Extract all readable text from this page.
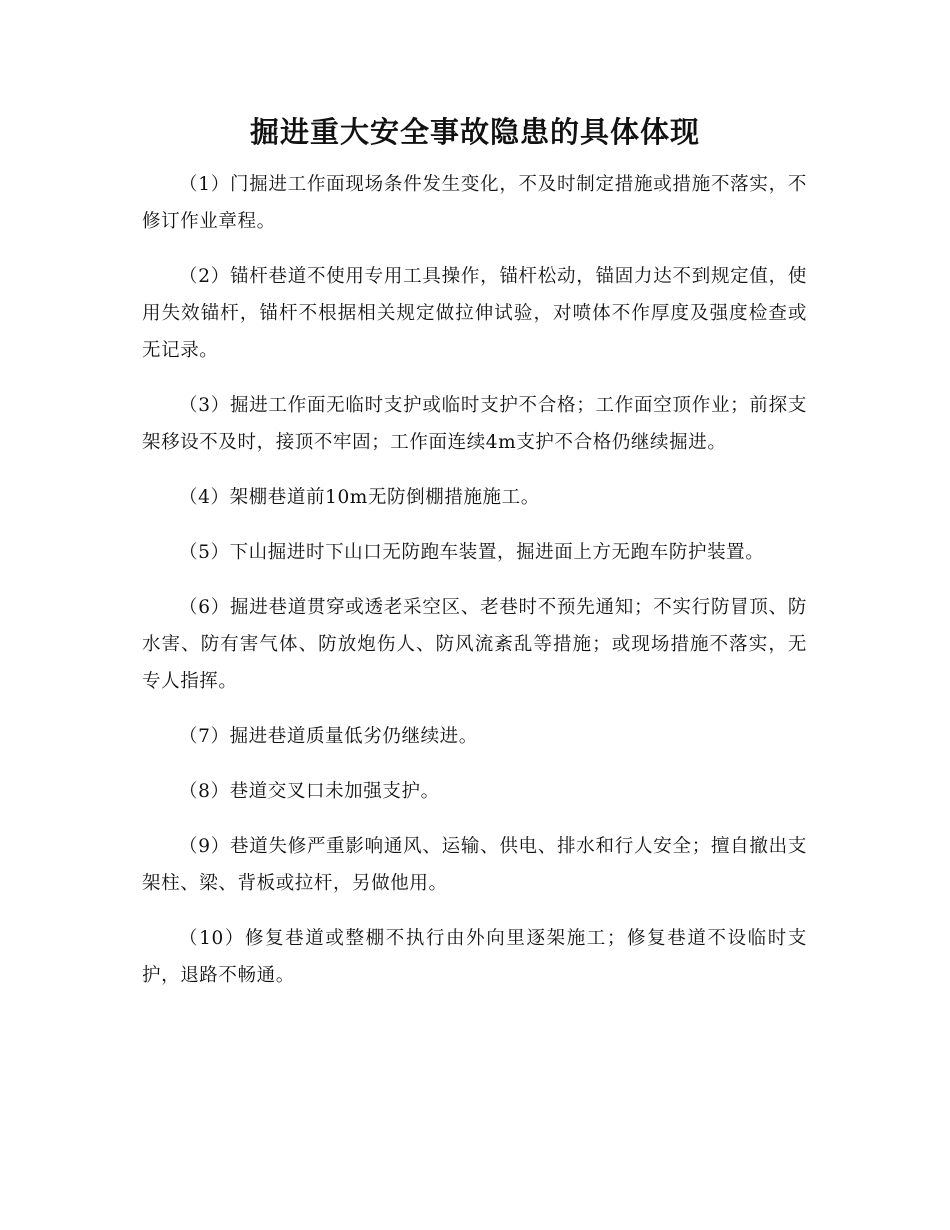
掘进重大安全事故隐患的具体体现

（1）门掘进工作面现场条件发生变化，不及时制定措施或措施不落实，不修订作业章程。

（2）锚杆巷道不使用专用工具操作，锚杆松动，锚固力达不到规定值，使用失效锚杆，锚杆不根据相关规定做拉伸试验，对喷体不作厚度及强度检查或无记录。

（3）掘进工作面无临时支护或临时支护不合格；工作面空顶作业；前探支架移设不及时，接顶不牢固；工作面连续4m支护不合格仍继续掘进。

（4）架棚巷道前10m无防倒棚措施施工。

（5）下山掘进时下山口无防跑车装置，掘进面上方无跑车防护装置。

（6）掘进巷道贯穿或透老采空区、老巷时不预先通知；不实行防冒顶、防水害、防有害气体、防放炮伤人、防风流紊乱等措施；或现场措施不落实，无专人指挥。

（7）掘进巷道质量低劣仍继续进。

（8）巷道交叉口未加强支护。

（9）巷道失修严重影响通风、运输、供电、排水和行人安全；擅自撤出支架柱、梁、背板或拉杆，另做他用。

（10）修复巷道或整棚不执行由外向里逐架施工；修复巷道不设临时支护，退路不畅通。
